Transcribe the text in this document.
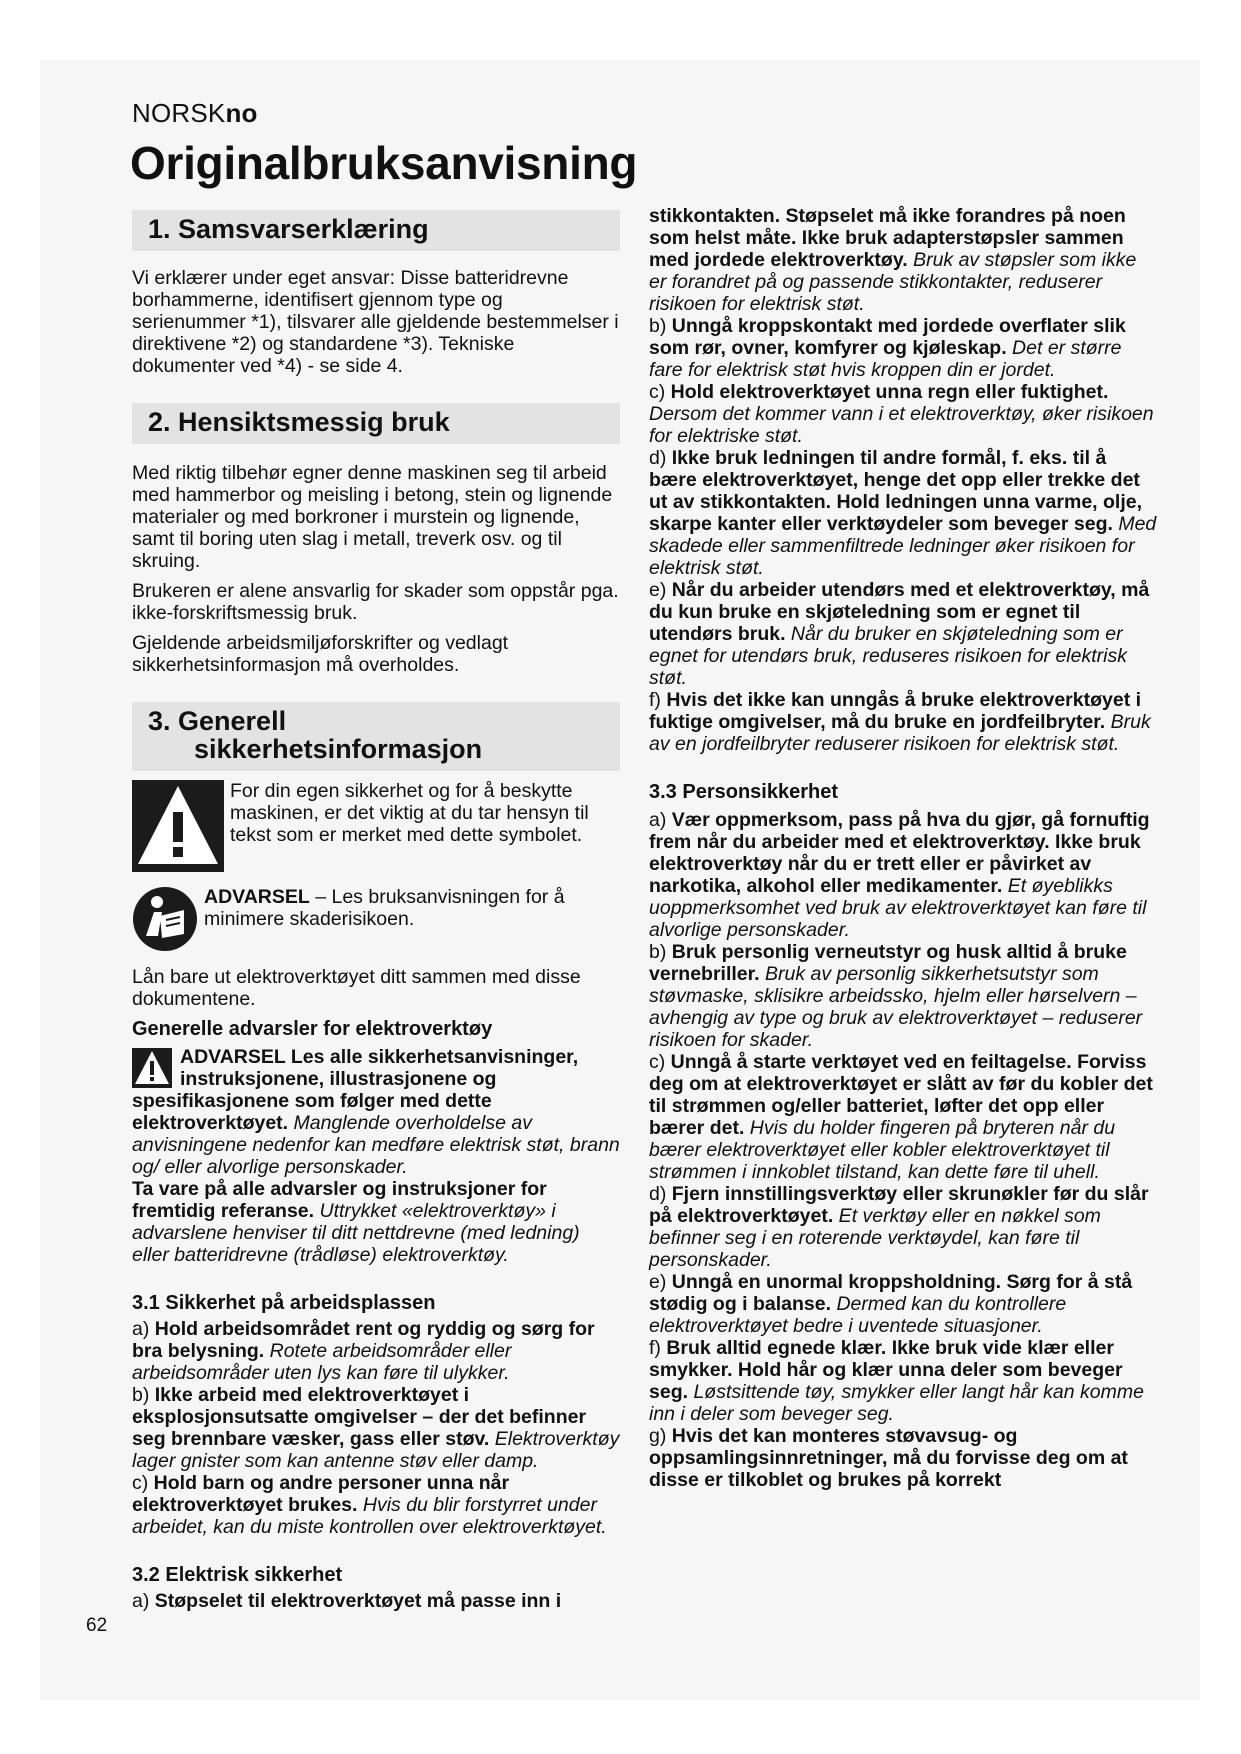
NORSKno
Originalbruksanvisning
1. Samsvarserklæring

Vi erklærer under eget ansvar: Disse batteridrevne borhammerne, identifisert gjennom type og serienummer *1), tilsvarer alle gjeldende bestemmelser i direktivene *2) og standardene *3). Tekniske dokumenter ved *4) - se side 4.

2. Hensiktsmessig bruk

Med riktig tilbehør egner denne maskinen seg til arbeid med hammerbor og meisling i betong, stein og lignende materialer og med borkroner i murstein og lignende, samt til boring uten slag i metall, treverk osv. og til skruing.

Brukeren er alene ansvarlig for skader som oppstår pga. ikke-forskriftsmessig bruk.

Gjeldende arbeidsmiljøforskrifter og vedlagt sikkerhetsinformasjon må overholdes.

3. Generell
sikkerhetsinformasjon

For din egen sikkerhet og for å beskytte maskinen, er det viktig at du tar hensyn til tekst som er merket med dette symbolet.

ADVARSEL – Les bruksanvisningen for å minimere skaderisikoen.

Lån bare ut elektroverktøyet ditt sammen med disse dokumentene.

Generelle advarsler for elektroverktøy

ADVARSEL Les alle sikkerhetsanvisninger, instruksjonene, illustrasjonene og spesifikasjonene som følger med dette elektroverktøyet. Manglende overholdelse av anvisningene nedenfor kan medføre elektrisk støt, brann og/ eller alvorlige personskader.

Ta vare på alle advarsler og instruksjoner for fremtidig referanse. Uttrykket «elektroverktøy» i advarslene henviser til ditt nettdrevne (med ledning) eller batteridrevne (trådløse) elektroverktøy.

3.1 Sikkerhet på arbeidsplassen

a) Hold arbeidsområdet rent og ryddig og sørg for bra belysning. Rotete arbeidsområder eller arbeidsområder uten lys kan føre til ulykker.

b) Ikke arbeid med elektroverktøyet i eksplosjonsutsatte omgivelser – der det befinner seg brennbare væsker, gass eller støv. Elektroverktøy lager gnister som kan antenne støv eller damp.

c) Hold barn og andre personer unna når elektroverktøyet brukes. Hvis du blir forstyrret under arbeidet, kan du miste kontrollen over elektroverktøyet.

3.2 Elektrisk sikkerhet

a) Støpselet til elektroverktøyet må passe inn i

stikkontakten. Støpselet må ikke forandres på noen som helst måte. Ikke bruk adapterstøpsler sammen med jordede elektroverktøy. Bruk av støpsler som ikke er forandret på og passende stikkontakter, reduserer risikoen for elektrisk støt.

b) Unngå kroppskontakt med jordede overflater slik som rør, ovner, komfyrer og kjøleskap. Det er større fare for elektrisk støt hvis kroppen din er jordet.

c) Hold elektroverktøyet unna regn eller fuktighet. Dersom det kommer vann i et elektroverktøy, øker risikoen for elektriske støt.

d) Ikke bruk ledningen til andre formål, f. eks. til å bære elektroverktøyet, henge det opp eller trekke det ut av stikkontakten. Hold ledningen unna varme, olje, skarpe kanter eller verktøydeler som beveger seg. Med skadede eller sammenfiltrede ledninger øker risikoen for elektrisk støt.

e) Når du arbeider utendørs med et elektroverktøy, må du kun bruke en skjøteledning som er egnet til utendørs bruk. Når du bruker en skjøteledning som er egnet for utendørs bruk, reduseres risikoen for elektrisk støt.

f) Hvis det ikke kan unngås å bruke elektroverktøyet i fuktige omgivelser, må du bruke en jordfeilbryter. Bruk av en jordfeilbryter reduserer risikoen for elektrisk støt.

3.3 Personsikkerhet

a) Vær oppmerksom, pass på hva du gjør, gå fornuftig frem når du arbeider med et elektroverktøy. Ikke bruk elektroverktøy når du er trett eller er påvirket av narkotika, alkohol eller medikamenter. Et øyeblikks uoppmerksomhet ved bruk av elektroverktøyet kan føre til alvorlige personskader.

b) Bruk personlig verneutstyr og husk alltid å bruke vernebriller. Bruk av personlig sikkerhetsutstyr som støvmaske, sklisikre arbeidssko, hjelm eller hørselvern – avhengig av type og bruk av elektroverktøyet – reduserer risikoen for skader.

c) Unngå å starte verktøyet ved en feiltagelse. Forviss deg om at elektroverktøyet er slått av før du kobler det til strømmen og/eller batteriet, løfter det opp eller bærer det. Hvis du holder fingeren på bryteren når du bærer elektroverktøyet eller kobler elektroverktøyet til strømmen i innkoblet tilstand, kan dette føre til uhell.

d) Fjern innstillingsverktøy eller skrunøkler før du slår på elektroverktøyet. Et verktøy eller en nøkkel som befinner seg i en roterende verktøydel, kan føre til personskader.

e) Unngå en unormal kroppsholdning. Sørg for å stå stødig og i balanse. Dermed kan du kontrollere elektroverktøyet bedre i uventede situasjoner.

f) Bruk alltid egnede klær. Ikke bruk vide klær eller smykker. Hold hår og klær unna deler som beveger seg. Løstsittende tøy, smykker eller langt hår kan komme inn i deler som beveger seg.

g) Hvis det kan monteres støvavsug- og oppsamlingsinnretninger, må du forvisse deg om at disse er tilkoblet og brukes på korrekt

62
